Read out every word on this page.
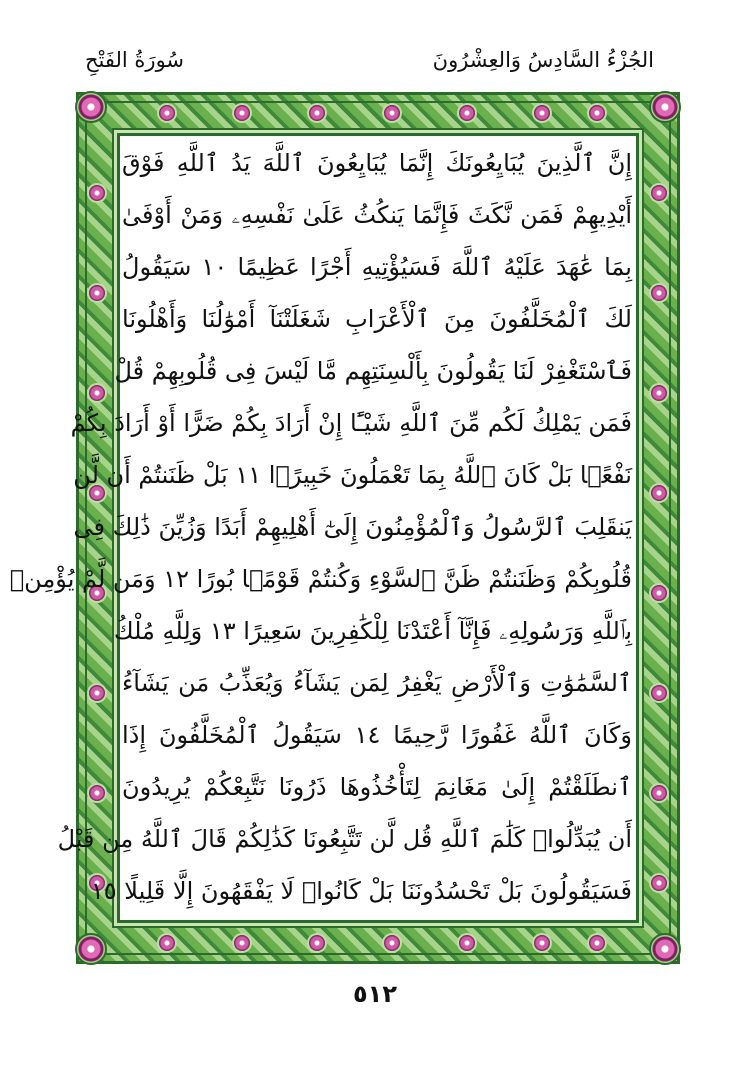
الجُزْءُ السَّادِسُ وَالعِشْرُونَ
سُورَةُ الفَتْحِ
إِنَّ ٱلَّذِينَ يُبَايِعُونَكَ إِنَّمَا يُبَايِعُونَ ٱللَّهَ يَدُ ٱللَّهِ فَوْقَ
أَيْدِيهِمْ فَمَن نَّكَثَ فَإِنَّمَا يَنكُثُ عَلَىٰ نَفْسِهِۦ وَمَنْ أَوْفَىٰ
بِمَا عَٰهَدَ عَلَيْهُ ٱللَّهَ فَسَيُؤْتِيهِ أَجْرًا عَظِيمًا ١٠ سَيَقُولُ
لَكَ ٱلْمُخَلَّفُونَ مِنَ ٱلْأَعْرَابِ شَغَلَتْنَآ أَمْوَٰلُنَا وَأَهْلُونَا
فَٱسْتَغْفِرْ لَنَا يَقُولُونَ بِأَلْسِنَتِهِم مَّا لَيْسَ فِى قُلُوبِهِمْ قُلْ
فَمَن يَمْلِكُ لَكُم مِّنَ ٱللَّهِ شَيْـًٔا إِنْ أَرَادَ بِكُمْ ضَرًّا أَوْ أَرَادَ بِكُمْ
نَفْعًۢا بَلْ كَانَ ٱللَّهُ بِمَا تَعْمَلُونَ خَبِيرًۢا ١١ بَلْ ظَنَنتُمْ أَن لَّن
يَنقَلِبَ ٱلرَّسُولُ وَٱلْمُؤْمِنُونَ إِلَىٰٓ أَهْلِيهِمْ أَبَدًا وَزُيِّنَ ذَٰلِكَ فِى
قُلُوبِكُمْ وَظَنَنتُمْ ظَنَّ ٱلسَّوْءِ وَكُنتُمْ قَوْمًۢا بُورًا ١٢ وَمَن لَّمْ يُؤْمِنۢ
بِٱللَّهِ وَرَسُولِهِۦ فَإِنَّآ أَعْتَدْنَا لِلْكَٰفِرِينَ سَعِيرًا ١٣ وَلِلَّهِ مُلْكُ
ٱلسَّمَٰوَٰتِ وَٱلْأَرْضِ يَغْفِرُ لِمَن يَشَآءُ وَيُعَذِّبُ مَن يَشَآءُ
وَكَانَ ٱللَّهُ غَفُورًا رَّحِيمًا ١٤ سَيَقُولُ ٱلْمُخَلَّفُونَ إِذَا
ٱنطَلَقْتُمْ إِلَىٰ مَغَانِمَ لِتَأْخُذُوهَا ذَرُونَا نَتَّبِعْكُمْ يُرِيدُونَ
أَن يُبَدِّلُوا۟ كَلَٰمَ ٱللَّهِ قُل لَّن تَتَّبِعُونَا كَذَٰلِكُمْ قَالَ ٱللَّهُ مِن قَبْلُ
فَسَيَقُولُونَ بَلْ تَحْسُدُونَنَا بَلْ كَانُوا۟ لَا يَفْقَهُونَ إِلَّا قَلِيلًا ١٥
٥١٢
